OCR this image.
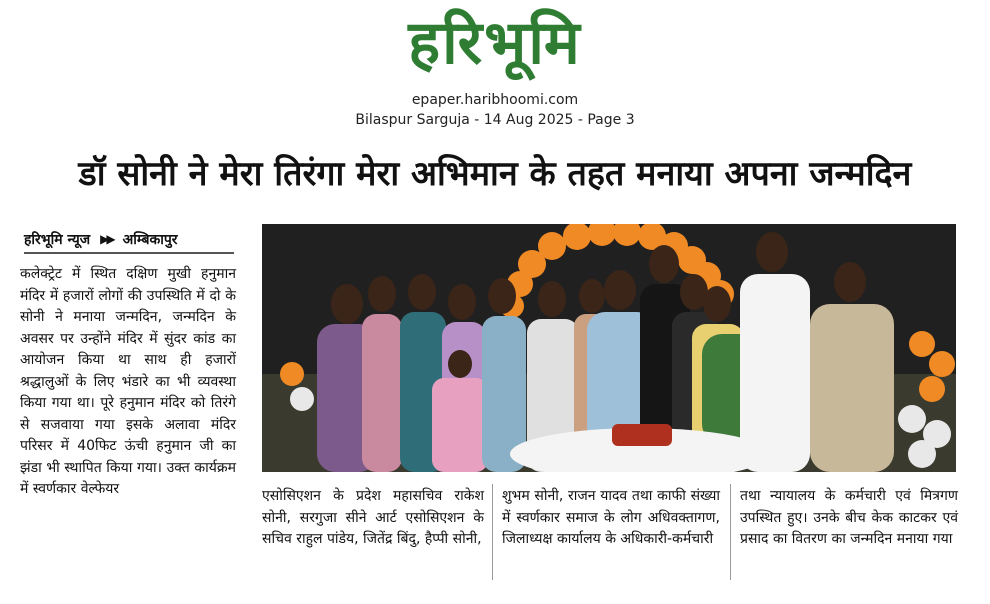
हरिभूमि
epaper.haribhoomi.com
Bilaspur Sarguja - 14 Aug 2025 - Page 3
डॉ सोनी ने मेरा तिरंगा मेरा अभिमान के तहत मनाया अपना जन्मदिन
हरिभूमि न्यूज ▶▶ अम्बिकापुर
कलेक्ट्रेट में स्थित दक्षिण मुखी हनुमान मंदिर में हजारों लोगों की उपस्थिति में दो के सोनी ने मनाया जन्मदिन, जन्मदिन के अवसर पर उन्होंने मंदिर में सुंदर कांड का आयोजन किया था साथ ही हजारों श्रद्धालुओं के लिए भंडारे का भी व्यवस्था किया गया था। पूरे हनुमान मंदिर को तिरंगे से सजवाया गया इसके अलावा मंदिर परिसर में 40फिट ऊंची हनुमान जी का झंडा भी स्थापित किया गया। उक्त कार्यक्रम में स्वर्णकार वेल्फेयर	एसोसिएशन के प्रदेश महासचिव राकेश सोनी, सरगुजा सीने आर्ट एसोसिएशन के सचिव राहुल पांडेय, जितेंद्र बिंदु, हैप्पी सोनी,
शुभम सोनी, राजन यादव तथा काफी संख्या में स्वर्णकार समाज के लोग अधिवक्तागण, जिलाध्यक्ष कार्यालय के अधिकारी-कर्मचारी
तथा न्यायालय के कर्मचारी एवं मित्रगण उपस्थित हुए। उनके बीच केक काटकर एवं प्रसाद का वितरण का जन्मदिन मनाया गया
